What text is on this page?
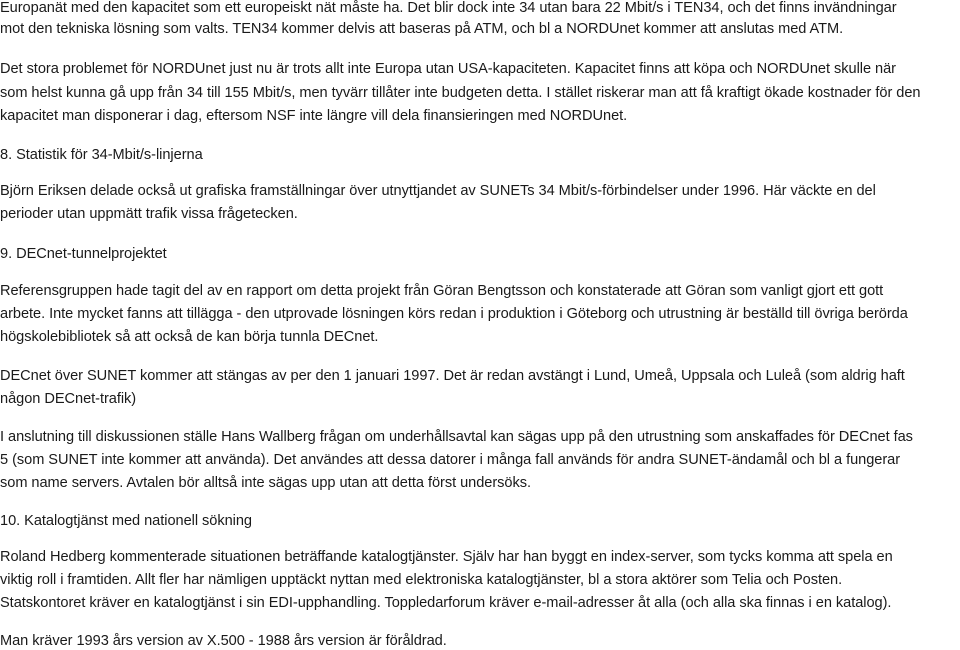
Europanät med den kapacitet som ett europeiskt nät måste ha. Det blir dock inte 34 utan bara 22 Mbit/s i TEN34, och det finns invändningar

mot den tekniska lösning som valts. TEN34 kommer delvis att baseras på ATM, och bl a NORDUnet kommer att anslutas med ATM.

Det stora problemet för NORDUnet just nu är trots allt inte Europa utan USA-kapaciteten. Kapacitet finns att köpa och NORDUnet skulle när

som helst kunna gå upp från 34 till 155 Mbit/s, men tyvärr tillåter inte budgeten detta. I stället riskerar man att få kraftigt ökade kostnader för den

kapacitet man disponerar i dag, eftersom NSF inte längre vill dela finansieringen med NORDUnet.

8. Statistik för 34-Mbit/s-linjerna

Björn Eriksen delade också ut grafiska framställningar över utnyttjandet av SUNETs 34 Mbit/s-förbindelser under 1996. Här väckte en del

perioder utan uppmätt trafik vissa frågetecken.

9. DECnet-tunnelprojektet

Referensgruppen hade tagit del av en rapport om detta projekt från Göran Bengtsson och konstaterade att Göran som vanligt gjort ett gott

arbete. Inte mycket fanns att tillägga - den utprovade lösningen körs redan i produktion i Göteborg och utrustning är beställd till övriga berörda

högskolebibliotek så att också de kan börja tunnla DECnet.

DECnet över SUNET kommer att stängas av per den 1 januari 1997. Det är redan avstängt i Lund, Umeå, Uppsala och Luleå (som aldrig haft

någon DECnet-trafik)

I anslutning till diskussionen ställe Hans Wallberg frågan om underhållsavtal kan sägas upp på den utrustning som anskaffades för DECnet fas

5 (som SUNET inte kommer att använda). Det användes att dessa datorer i många fall används för andra SUNET-ändamål och bl a fungerar

som name servers. Avtalen bör alltså inte sägas upp utan att detta först undersöks.

10. Katalogtjänst med nationell sökning

Roland Hedberg kommenterade situationen beträffande katalogtjänster. Själv har han byggt en index-server, som tycks komma att spela en

viktig roll i framtiden. Allt fler har nämligen upptäckt nyttan med elektroniska katalogtjänster, bl a stora aktörer som Telia och Posten.

Statskontoret kräver en katalogtjänst i sin EDI-upphandling. Toppledarforum kräver e-mail-adresser åt alla (och alla ska finnas i en katalog).

Man kräver 1993 års version av X.500 - 1988 års version är föråldrad.
